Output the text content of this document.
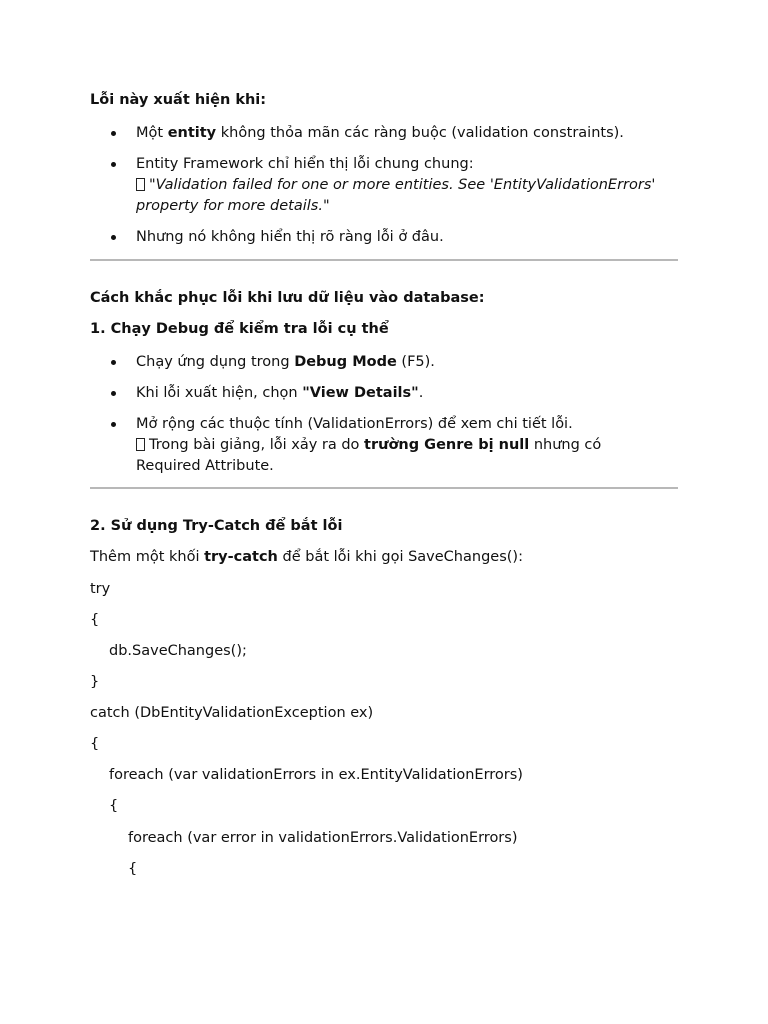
Lỗi này xuất hiện khi:
Một entity không thỏa mãn các ràng buộc (validation constraints).
Entity Framework chỉ hiển thị lỗi chung chung:
"Validation failed for one or more entities. See 'EntityValidationErrors'
property for more details."
Nhưng nó không hiển thị rõ ràng lỗi ở đâu.
Cách khắc phục lỗi khi lưu dữ liệu vào database:
1. Chạy Debug để kiểm tra lỗi cụ thể
Chạy ứng dụng trong Debug Mode (F5).
Khi lỗi xuất hiện, chọn "View Details".
Mở rộng các thuộc tính (ValidationErrors) để xem chi tiết lỗi.
Trong bài giảng, lỗi xảy ra do trường Genre bị null nhưng có
Required Attribute.
2. Sử dụng Try-Catch để bắt lỗi
Thêm một khối try-catch để bắt lỗi khi gọi SaveChanges():
try
{
db.SaveChanges();
}
catch (DbEntityValidationException ex)
{
foreach (var validationErrors in ex.EntityValidationErrors)
{
foreach (var error in validationErrors.ValidationErrors)
{
